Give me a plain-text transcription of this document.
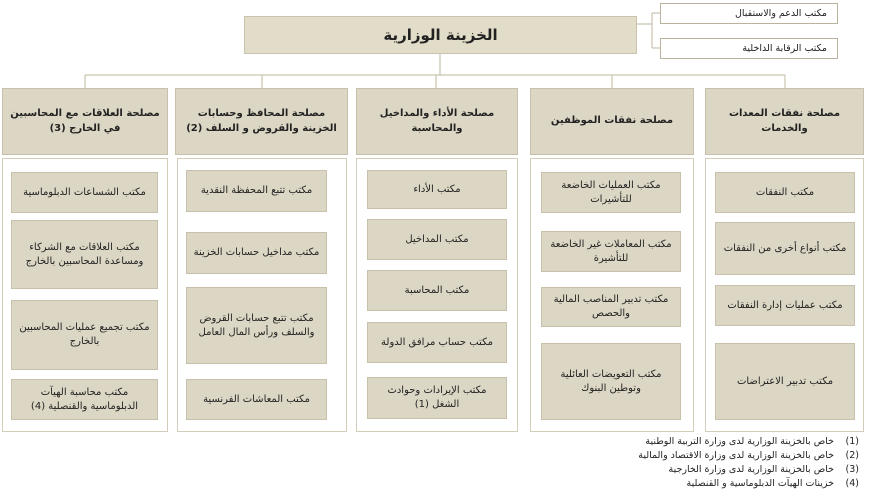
الخزينة الوزارية
مكتب الدعم والاستقبال
مكتب الرقابة الداخلية
مصلحة نفقات المعدات والخدمات
مصلحة نفقات الموظفين
مصلحة الأداء والمداخيل والمحاسبة
مصلحة المحافظ وحسابات الخزينة والقروض و السلف (2)
مصلحة العلاقات مع المحاسبين في الخارج (3)
مكتب النفقات
مكتب أنواع أخرى من النفقات
مكتب عمليات إدارة النفقات
مكتب تدبير الاعتراضات
مكتب العمليات الخاضعة للتأشيرات
مكتب المعاملات غير الخاضعة للتأشيرة
مكتب تدبير المناصب المالية والحصص
مكتب التعويضات العائلية وتوطين البنوك
مكتب الأداء
مكتب المداخيل
مكتب المحاسبة
مكتب حساب مرافق الدولة
مكتب الإيرادات وحوادث الشغل (1)
مكتب تتبع المحفظة النقدية
مكتب مداخيل حسابات الخزينة
مكتب تتبع حسابات القروض والسلف ورأس المال العامل
مكتب المعاشات الفرنسية
مكتب الشساعات الدبلوماسية
مكتب العلاقات مع الشركاء ومساعدة المحاسبين بالخارج
مكتب تجميع عمليات المحاسبين بالخارج
مكتب محاسبة الهيآت الدبلوماسية والقنصلية (4)
(1) خاص بالخزينة الوزارية لدى وزارة التربية الوطنية
(2) خاص بالخزينة الوزارية لدى وزارة الاقتصاد والمالية
(3) خاص بالخزينة الوزارية لدى وزارة الخارجية
(4) خزينات الهيآت الدبلوماسية و القنصلية
